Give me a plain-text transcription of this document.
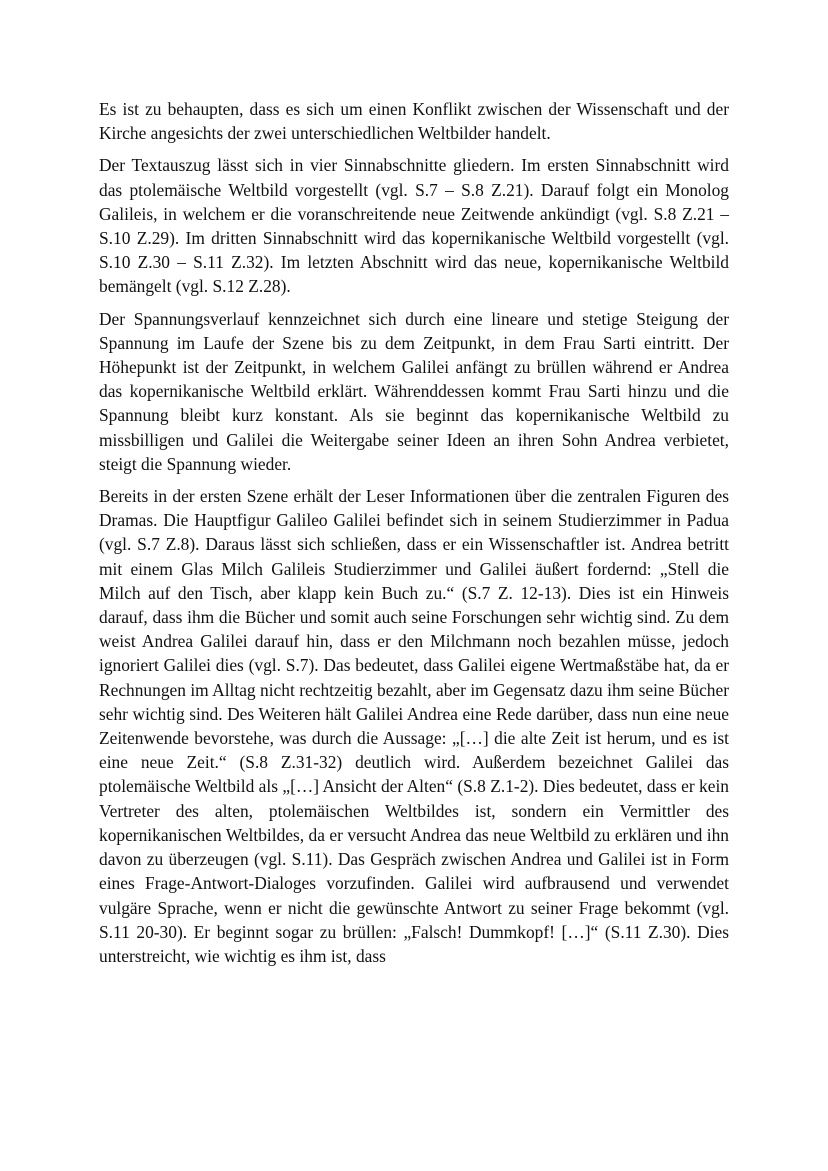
Es ist zu behaupten, dass es sich um einen Konflikt zwischen der Wissenschaft und der Kirche angesichts der zwei unterschiedlichen Weltbilder handelt.

Der Textauszug lässt sich in vier Sinnabschnitte gliedern. Im ersten Sinnabschnitt wird das ptolemäische Weltbild vorgestellt (vgl. S.7 – S.8 Z.21). Darauf folgt ein Monolog Galileis, in welchem er die voranschreitende neue Zeitwende ankündigt (vgl. S.8 Z.21 – S.10 Z.29). Im dritten Sinnabschnitt wird das kopernikanische Weltbild vorgestellt (vgl. S.10 Z.30 – S.11 Z.32). Im letzten Abschnitt wird das neue, kopernikanische Weltbild bemängelt (vgl. S.12 Z.28).

Der Spannungsverlauf kennzeichnet sich durch eine lineare und stetige Steigung der Spannung im Laufe der Szene bis zu dem Zeitpunkt, in dem Frau Sarti eintritt. Der Höhepunkt ist der Zeitpunkt, in welchem Galilei anfängt zu brüllen während er Andrea das kopernikanische Weltbild erklärt. Währenddessen kommt Frau Sarti hinzu und die Spannung bleibt kurz konstant. Als sie beginnt das kopernikanische Weltbild zu missbilligen und Galilei die Weitergabe seiner Ideen an ihren Sohn Andrea verbietet, steigt die Spannung wieder.

Bereits in der ersten Szene erhält der Leser Informationen über die zentralen Figuren des Dramas. Die Hauptfigur Galileo Galilei befindet sich in seinem Studierzimmer in Padua (vgl. S.7 Z.8). Daraus lässt sich schließen, dass er ein Wissenschaftler ist. Andrea betritt mit einem Glas Milch Galileis Studierzimmer und Galilei äußert fordernd: „Stell die Milch auf den Tisch, aber klapp kein Buch zu.“ (S.7 Z. 12-13). Dies ist ein Hinweis darauf, dass ihm die Bücher und somit auch seine Forschungen sehr wichtig sind. Zu dem weist Andrea Galilei darauf hin, dass er den Milchmann noch bezahlen müsse, jedoch ignoriert Galilei dies (vgl. S.7). Das bedeutet, dass Galilei eigene Wertmaßstäbe hat, da er Rechnungen im Alltag nicht rechtzeitig bezahlt, aber im Gegensatz dazu ihm seine Bücher sehr wichtig sind. Des Weiteren hält Galilei Andrea eine Rede darüber, dass nun eine neue Zeitenwende bevorstehe, was durch die Aussage: „[…] die alte Zeit ist herum, und es ist eine neue Zeit.“ (S.8 Z.31-32) deutlich wird. Außerdem bezeichnet Galilei das ptolemäische Weltbild als „[…] Ansicht der Alten“ (S.8 Z.1-2). Dies bedeutet, dass er kein Vertreter des alten, ptolemäischen Weltbildes ist, sondern ein Vermittler des kopernikanischen Weltbildes, da er versucht Andrea das neue Weltbild zu erklären und ihn davon zu überzeugen (vgl. S.11). Das Gespräch zwischen Andrea und Galilei ist in Form eines Frage-Antwort-Dialoges vorzufinden. Galilei wird aufbrausend und verwendet vulgäre Sprache, wenn er nicht die gewünschte Antwort zu seiner Frage bekommt (vgl. S.11 20-30). Er beginnt sogar zu brüllen: „Falsch! Dummkopf! […]“ (S.11 Z.30). Dies unterstreicht, wie wichtig es ihm ist, dass
